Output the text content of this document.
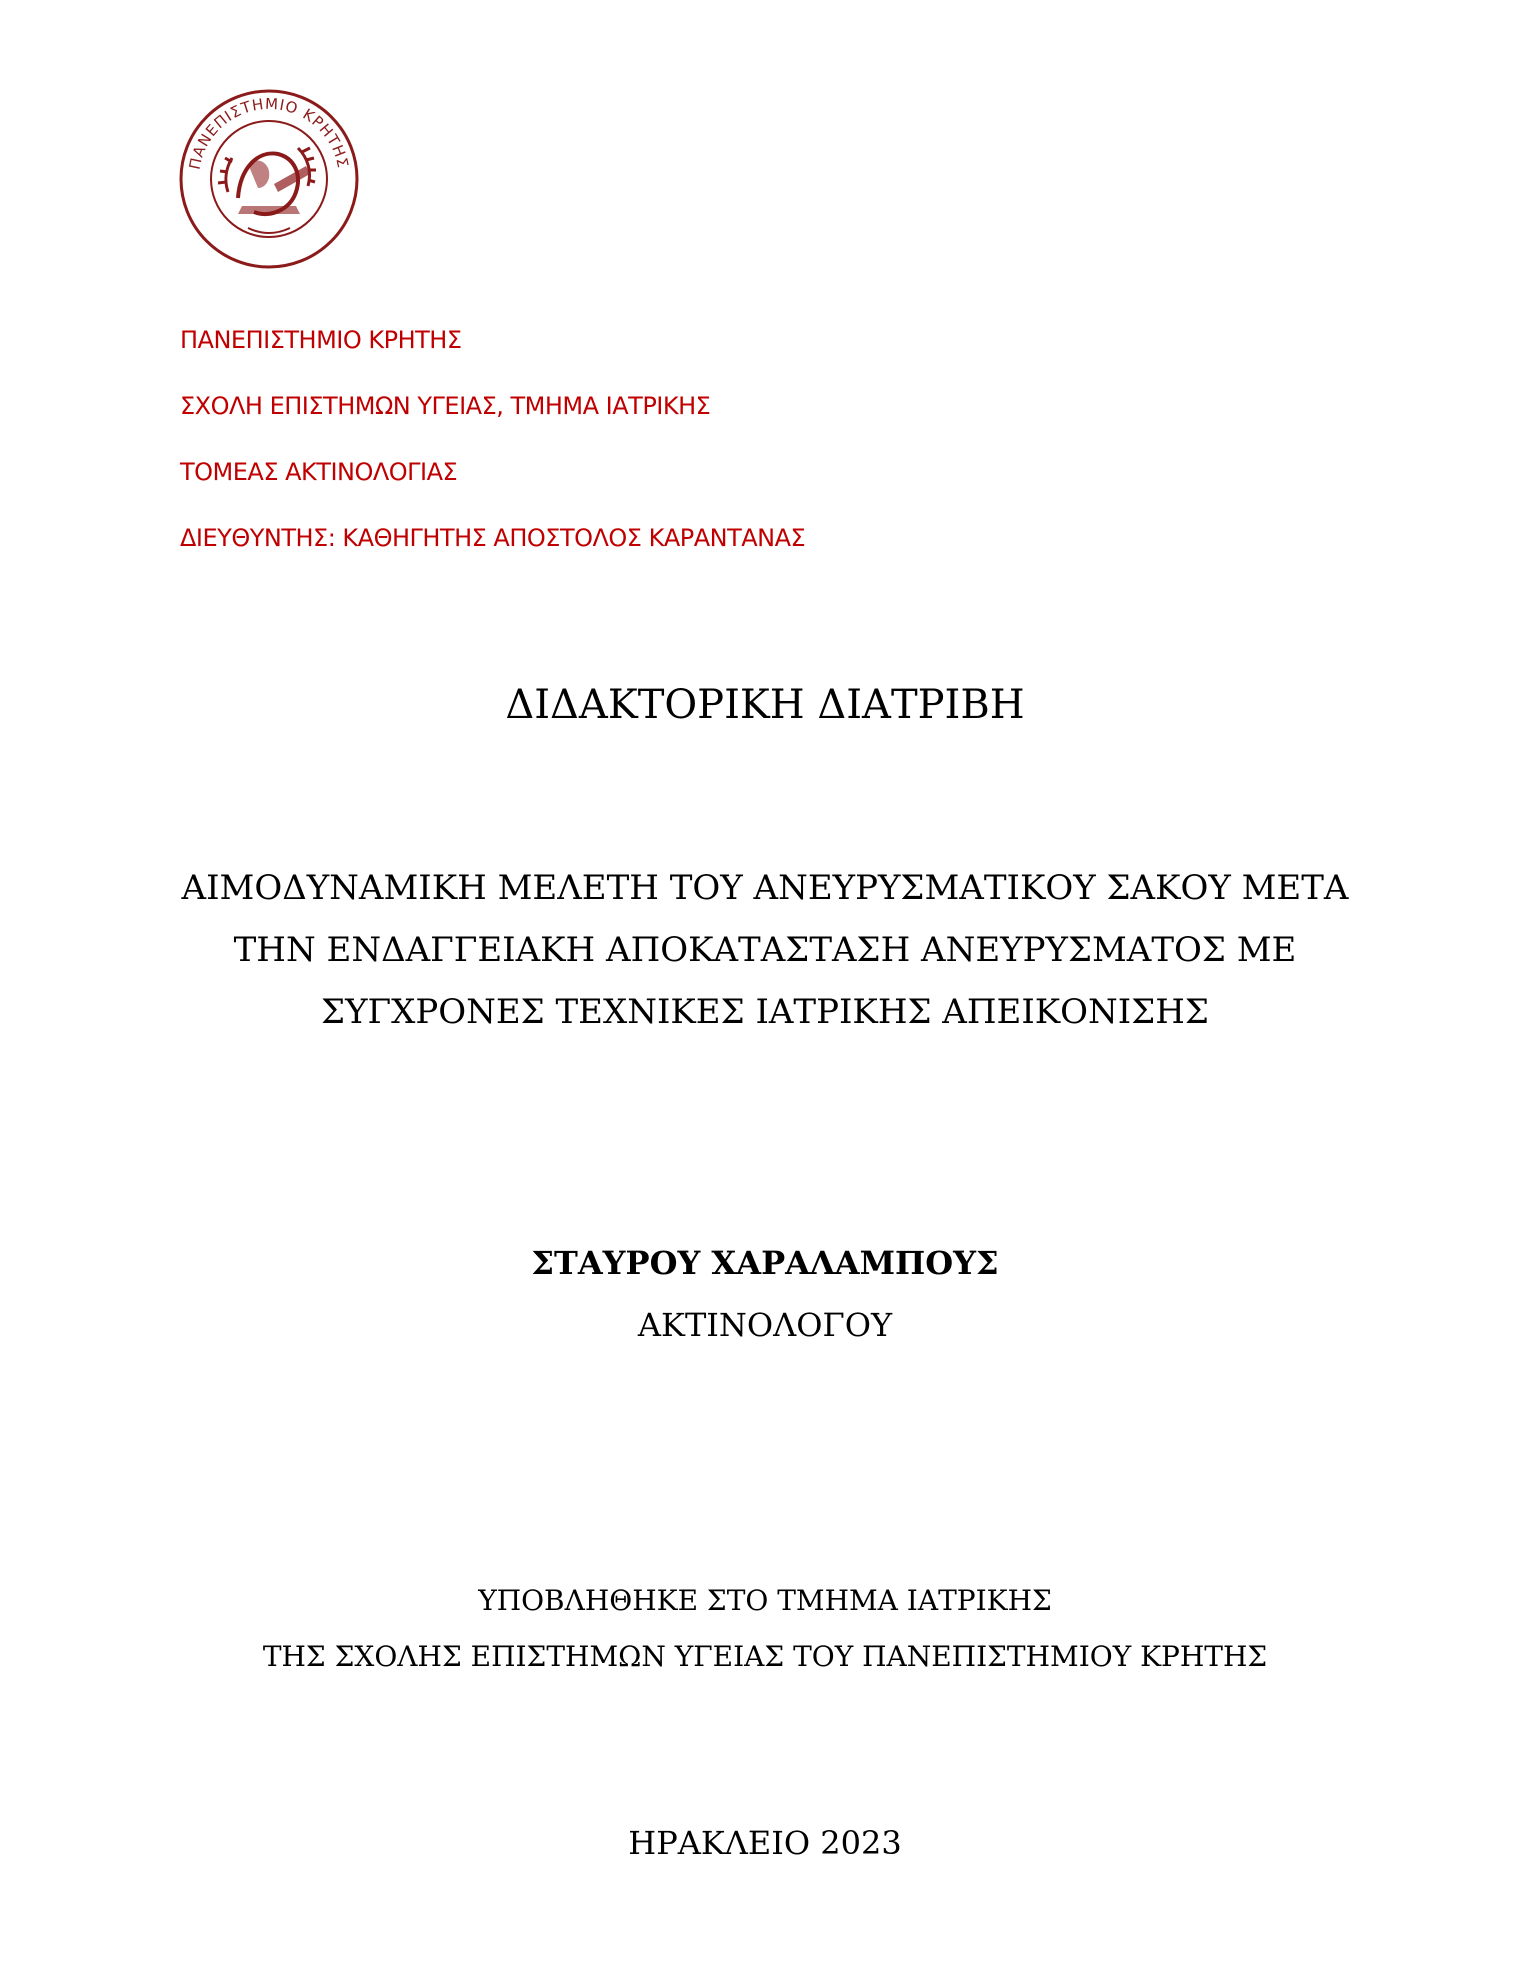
ΠΑΝΕΠΙΣΤΗΜΙΟ ΚΡΗΤΗΣ
ΠΑΝΕΠΙΣΤΗΜΙΟ ΚΡΗΤΗΣ
ΣΧΟΛΗ ΕΠΙΣΤΗΜΩΝ ΥΓΕΙΑΣ, ΤΜΗΜΑ ΙΑΤΡΙΚΗΣ
ΤΟΜΕΑΣ ΑΚΤΙΝΟΛΟΓΙΑΣ
ΔΙΕΥΘΥΝΤΗΣ: ΚΑΘΗΓΗΤΗΣ ΑΠΟΣΤΟΛΟΣ ΚΑΡΑΝΤΑΝΑΣ
ΔΙΔΑΚΤΟΡΙΚΗ ΔΙΑΤΡΙΒΗ
ΑΙΜΟΔΥΝΑΜΙΚΗ ΜΕΛΕΤΗ ΤΟΥ ΑΝΕΥΡΥΣΜΑΤΙΚΟΥ ΣΑΚΟΥ ΜΕΤΑ
ΤΗΝ ΕΝΔΑΓΓΕΙΑΚΗ ΑΠΟΚΑΤΑΣΤΑΣΗ ΑΝΕΥΡΥΣΜΑΤΟΣ ΜΕ
ΣΥΓΧΡΟΝΕΣ ΤΕΧΝΙΚΕΣ ΙΑΤΡΙΚΗΣ ΑΠΕΙΚΟΝΙΣΗΣ
ΣΤΑΥΡΟΥ ΧΑΡΑΛΑΜΠΟΥΣ
ΑΚΤΙΝΟΛΟΓΟΥ
ΥΠΟΒΛΗΘΗΚΕ ΣΤΟ ΤΜΗΜΑ ΙΑΤΡΙΚΗΣ
ΤΗΣ ΣΧΟΛΗΣ ΕΠΙΣΤΗΜΩΝ ΥΓΕΙΑΣ ΤΟΥ ΠΑΝΕΠΙΣΤΗΜΙΟΥ ΚΡΗΤΗΣ
ΗΡΑΚΛΕΙΟ 2023
